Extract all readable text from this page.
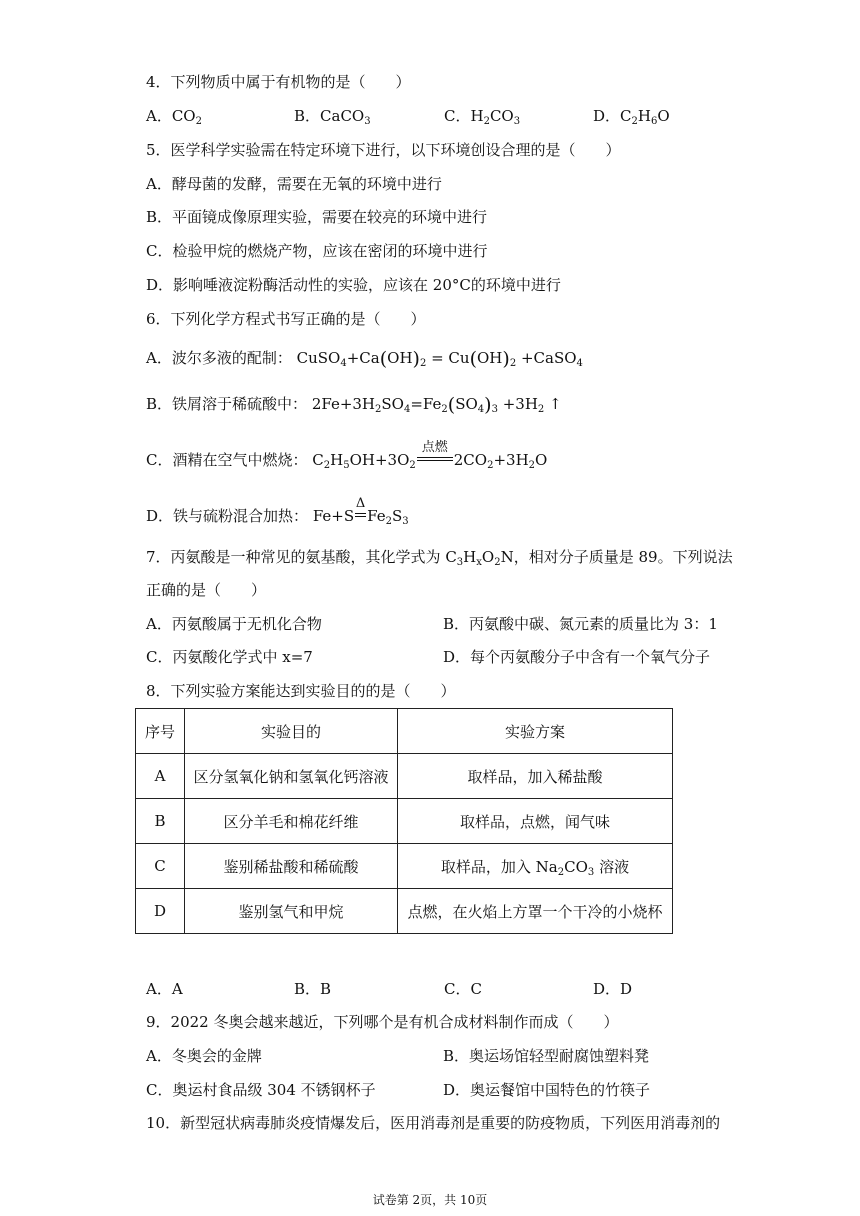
4．下列物质中属于有机物的是（　　）
A．$CO_2$	B．CaCO$_3$	C．$H_2CO_3$	D．$C_2H_6O$
5．医学科学实验需在特定环境下进行，以下环境创设合理的是（　　）
A．酵母菌的发酵，需要在无氧的环境中进行
B．平面镜成像原理实验，需要在较亮的环境中进行
C．检验甲烷的燃烧产物，应该在密闭的环境中进行
D．影响唾液淀粉酶活动性的实验，应该在 20°C的环境中进行
6．下列化学方程式书写正确的是（　　）
A．波尔多液的配制： $CuSO_4+Ca(OH)_2 = Cu(OH)_2$ +CaSO$_4$
B．铁屑溶于稀硫酸中： $2Fe+3H_2SO_4=Fe_2(SO_4)_3 +3H_2$ ↑
C．酒精在空气中燃烧： $C_2H_5OH+3O_2$
点燃
$2CO_2+3H_2O$
D．铁与硫粉混合加热： Fe+S
Δ
$Fe_2S_3$
7．丙氨酸是一种常见的氨基酸，其化学式为 $C_3H_xO_2N$，相对分子质量是 89。下列说法
正确的是（　　）
A．丙氨酸属于无机化合物	B．丙氨酸中碳、氮元素的质量比为 3：1
C．丙氨酸化学式中 x=7	D．每个丙氨酸分子中含有一个氧气分子
8．下列实验方案能达到实验目的的是（　　）
序号	实验目的	实验方案
A	区分氢氧化钠和氢氧化钙溶液	取样品，加入稀盐酸
B	区分羊毛和棉花纤维	取样品，点燃，闻气味
C	鉴别稀盐酸和稀硫酸	取样品，加入 $Na_2CO_3$ 溶液
D	鉴别氢气和甲烷	点燃，在火焰上方罩一个干冷的小烧杯
A．A	B．B	C．C	D．D
9．2022 冬奥会越来越近，下列哪个是有机合成材料制作而成（　　）
A．冬奥会的金牌	B．奥运场馆轻型耐腐蚀塑料凳
C．奥运村食品级 304 不锈钢杯子	D．奥运餐馆中国特色的竹筷子
10．新型冠状病毒肺炎疫情爆发后，医用消毒剂是重要的防疫物质，下列医用消毒剂的
试卷第 2页，共 10页
